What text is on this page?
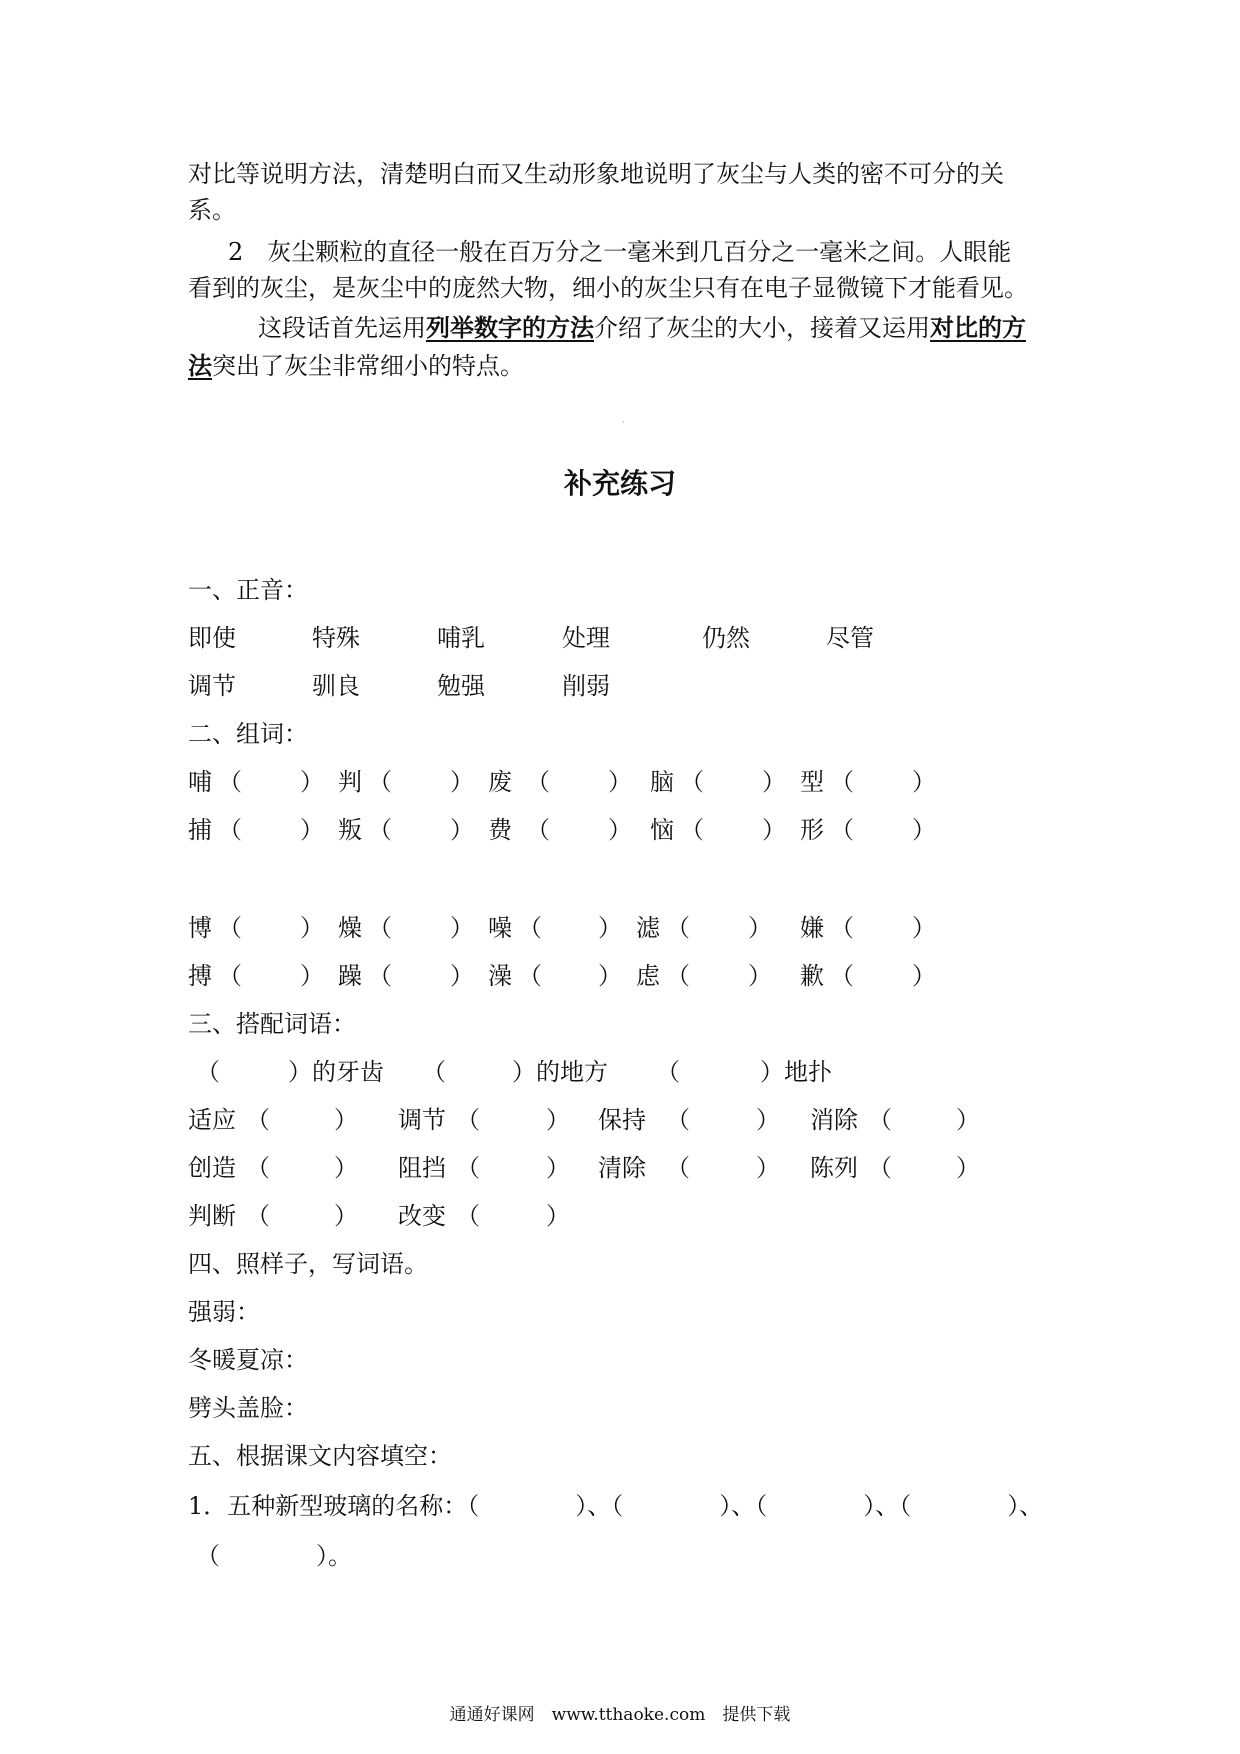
对比等说明方法，清楚明白而又生动形象地说明了灰尘与人类的密不可分的关
系。
2　灰尘颗粒的直径一般在百万分之一毫米到几百分之一毫米之间。人眼能
看到的灰尘，是灰尘中的庞然大物，细小的灰尘只有在电子显微镜下才能看见。
这段话首先运用列举数字的方法介绍了灰尘的大小，接着又运用对比的方
法突出了灰尘非常细小的特点。
·
补充练习
一、正音：
即使	特殊	哺乳	处理	仍然	尽管
调节	驯良	勉强	削弱
二、组词：
哺 （ ） 判 （ ） 废 （ ） 脑 （ ） 型 （ ）
捕 （ ） 叛 （ ） 费 （ ） 恼 （ ） 形 （ ）
博 （ ） 燥 （ ） 噪 （ ） 滤 （ ） 嫌 （ ）
搏 （ ） 躁 （ ） 澡 （ ） 虑 （ ） 歉 （ ）
三、搭配词语：
（	） 的牙齿 （	） 的地方 （	） 地扑
适应 （	） 调节 （	） 保持 （	） 消除 （	）
创造 （	） 阻挡 （	） 清除 （	） 陈列 （	）
判断 （	） 改变 （	）
四、照样子，写词语。
强弱：
冬暖夏凉：
劈头盖脸：
五、根据课文内容填空：
1．五种新型玻璃的名称：（　　　　）、（　　　　）、（　　　　）、（　　　　）、
（　　　　）。
通通好课网　www.tthaoke.com　提供下载
